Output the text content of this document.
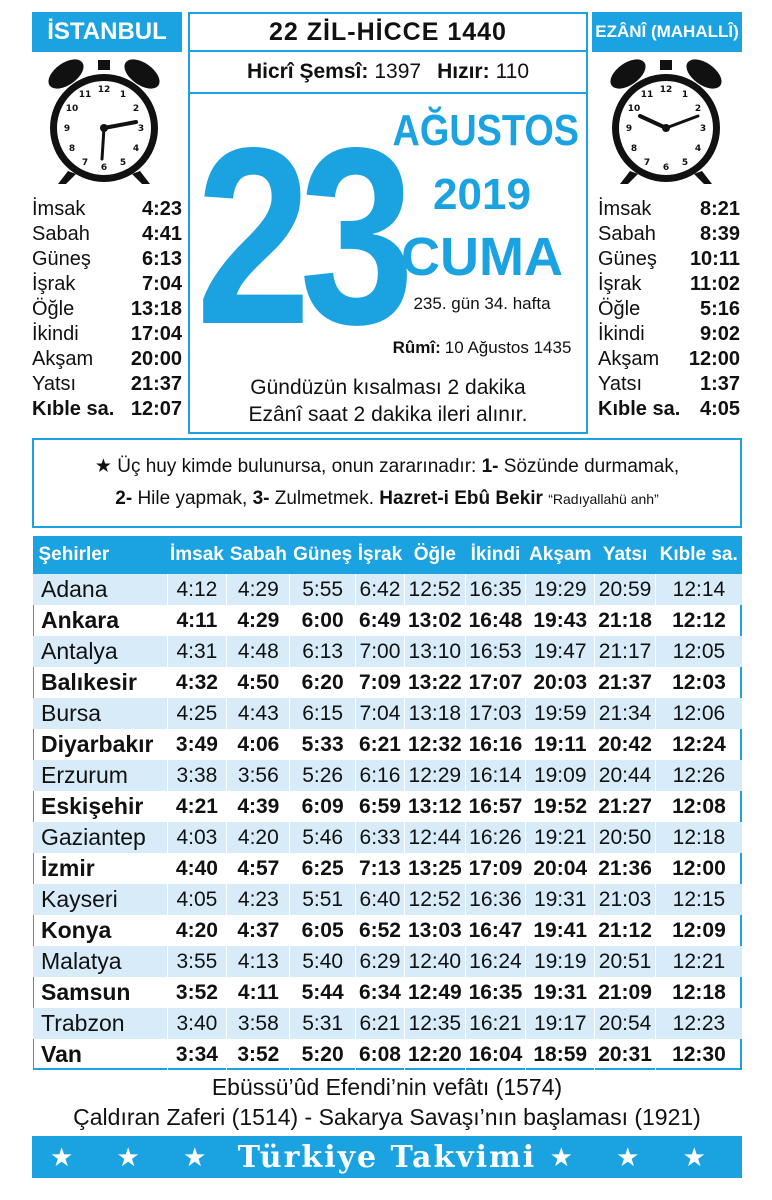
İSTANBUL	EZÂNÎ (MAHALLÎ)
22 ZİL-HİCCE 1440
Hicrî Şemsî: 1397 Hızır: 110
23
AĞUSTOS
2019
CUMA
235. gün 34. hafta
Rûmî: 10 Ağustos 1435
Gündüzün kısalması 2 dakika
Ezânî saat 2 dakika ileri alınır.
12 1
2
3
4
5
6
7
8
9
10
11
İmsak	4:23
Sabah	4:41
Güneş	6:13
İşrak	7:04
Öğle	13:18
İkindi	17:04
Akşam 20:00
Yatsı	21:37
Kıble sa. 12:07
12 1
2
3
4
5
6
7
8
9
10
11
İmsak 8:21
Sabah 8:39
Güneş 10:11
İşrak 11:02
Öğle	5:16
İkindi	9:02
Akşam 12:00
Yatsı	1:37
Kıble sa. 4:05
★ Üç huy kimde bulunursa, onun zararınadır: 1- Sözünde durmamak,
2- Hile yapmak, 3- Zulmetmek. Hazret-i Ebû Bekir “Radıyallahü anh”
Şehirler	İmsak	Sabah	Güneş	İşrak	Öğle	İkindi	Akşam	Yatsı	Kıble sa.
Adana	4:12	4:29	5:55	6:42	12:52	16:35	19:29	20:59	12:14
Ankara	4:11	4:29	6:00	6:49	13:02	16:48	19:43	21:18	12:12
Antalya	4:31	4:48	6:13	7:00	13:10	16:53	19:47	21:17	12:05
Balıkesir	4:32	4:50	6:20	7:09	13:22	17:07	20:03	21:37	12:03
Bursa	4:25	4:43	6:15	7:04	13:18	17:03	19:59	21:34	12:06
Diyarbakır	3:49	4:06	5:33	6:21	12:32	16:16	19:11	20:42	12:24
Erzurum	3:38	3:56	5:26	6:16	12:29	16:14	19:09	20:44	12:26
Eskişehir	4:21	4:39	6:09	6:59	13:12	16:57	19:52	21:27	12:08
Gaziantep	4:03	4:20	5:46	6:33	12:44	16:26	19:21	20:50	12:18
İzmir	4:40	4:57	6:25	7:13	13:25	17:09	20:04	21:36	12:00
Kayseri	4:05	4:23	5:51	6:40	12:52	16:36	19:31	21:03	12:15
Konya	4:20	4:37	6:05	6:52	13:03	16:47	19:41	21:12	12:09
Malatya	3:55	4:13	5:40	6:29	12:40	16:24	19:19	20:51	12:21
Samsun	3:52	4:11	5:44	6:34	12:49	16:35	19:31	21:09	12:18
Trabzon	3:40	3:58	5:31	6:21	12:35	16:21	19:17	20:54	12:23
Van	3:34	3:52	5:20	6:08	12:20	16:04	18:59	20:31	12:30
Ebüssü’ûd Efendi’nin vefâtı (1574)
Çaldıran Zaferi (1514) - Sakarya Savaşı’nın başlaması (1921)
★ ★ ★ Türkiye Takvimi ★ ★ ★
